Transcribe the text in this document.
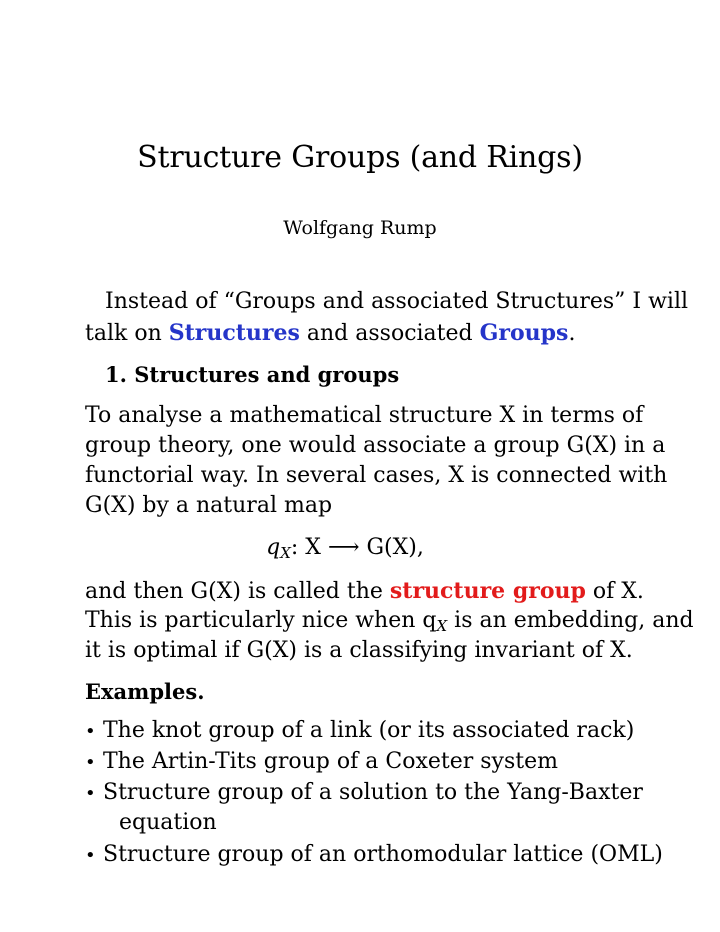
Structure Groups (and Rings)
Wolfgang Rump
Instead of “Groups and associated Structures” I will
talk on Structures and associated Groups.
1. Structures and groups
To analyse a mathematical structure X in terms of
group theory, one would associate a group G(X) in a
functorial way. In several cases, X is connected with
G(X) by a natural map
$q_X$: X ⟶ G(X),
and then G(X) is called the structure group of X.
This is particularly nice when $q_X$ is an embedding, and
it is optimal if G(X) is a classifying invariant of X.
Examples.
• The knot group of a link (or its associated rack)
• The Artin-Tits group of a Coxeter system
• Structure group of a solution to the Yang-Baxter
equation
• Structure group of an orthomodular lattice (OML)
